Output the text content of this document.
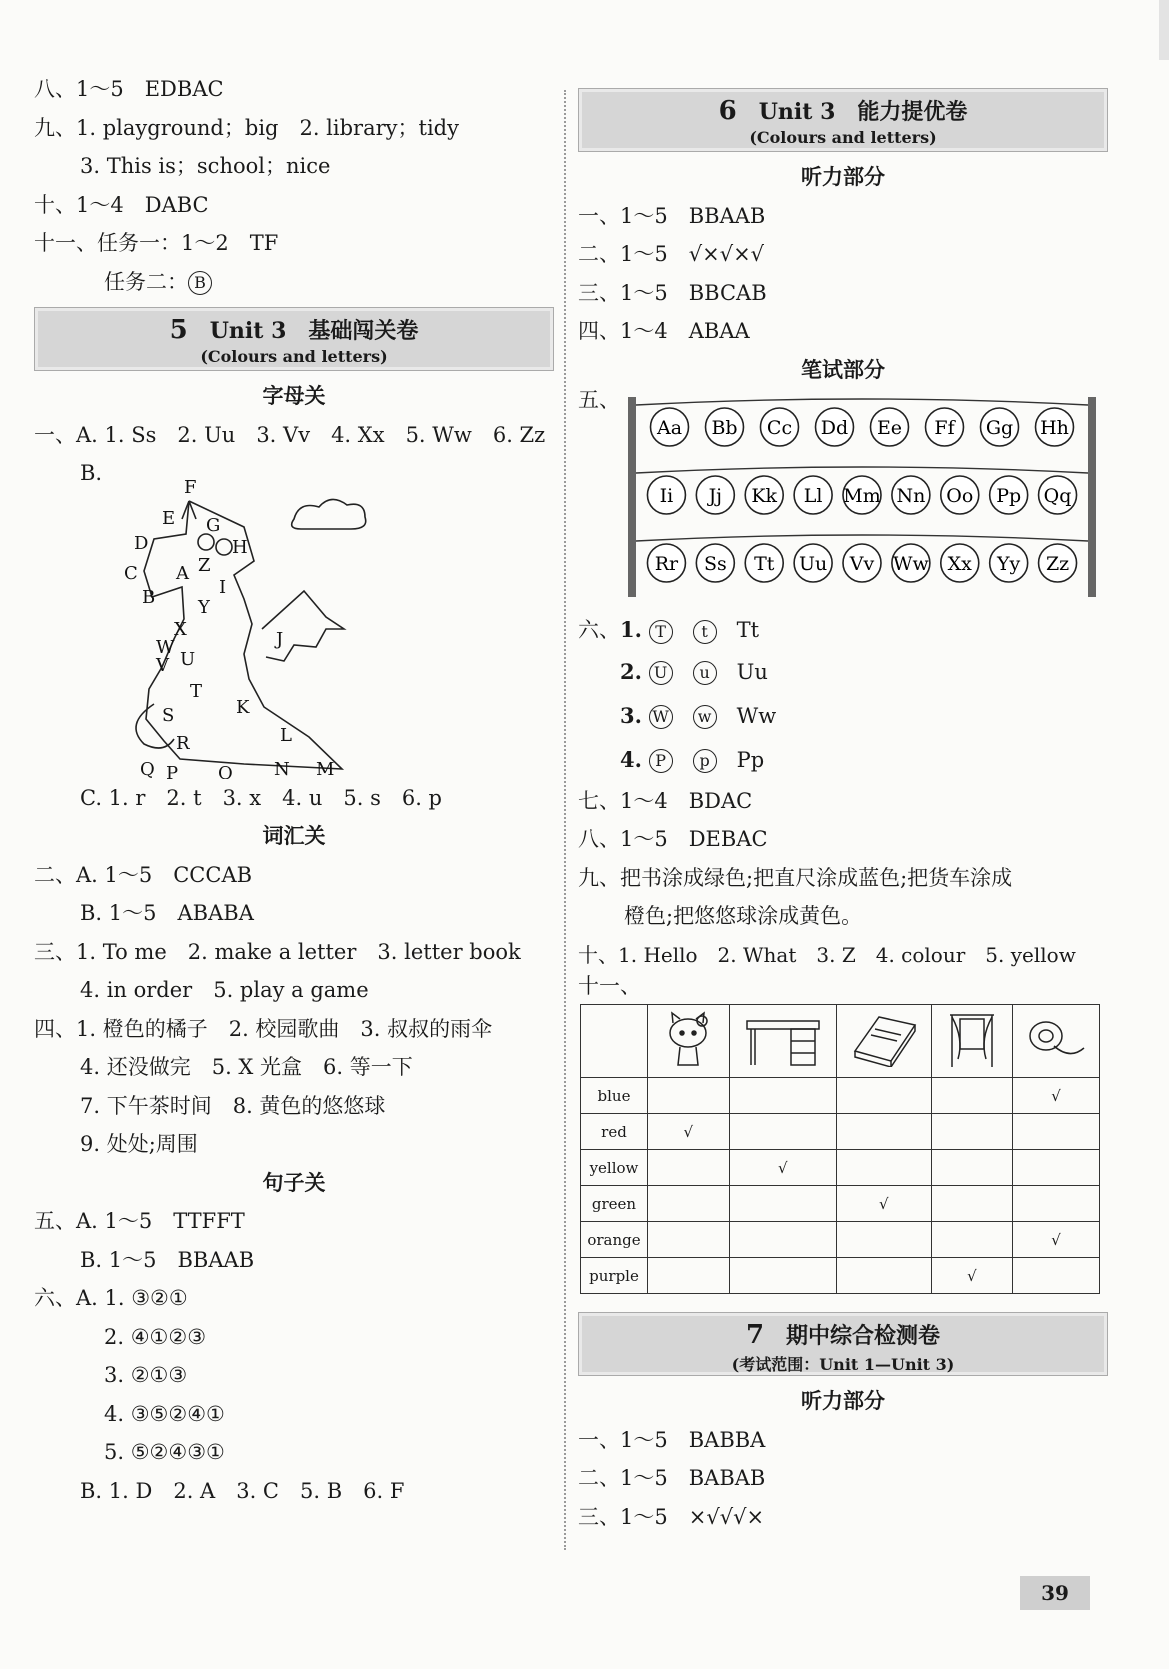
八、1～5　EDBAC
九、1. playground；big　2. library；tidy
3. This is；school；nice
十、1～4　DABC
十一、任务一：1～2　TF
任务二： B
5 Unit 3　基础闯关卷
(Colours and letters)
字母关
一、A. 1. Ss　2. Uu　3. Vv　4. Xx　5. Ww　6. Zz
B.
F
E G
D	H
C A Z
I
B Y
X	J
W
V U
T
K
S
L
R
Q P O N M
C. 1. r　2. t　3. x　4. u　5. s　6. p
词汇关
二、A. 1～5　CCCAB
B. 1～5　ABABA
三、1. To me　2. make a letter　3. letter book
4. in order　5. play a game
四、1. 橙色的橘子　2. 校园歌曲　3. 叔叔的雨伞
4. 还没做完　5. X 光盒　6. 等一下
7. 下午茶时间　8. 黄色的悠悠球
9. 处处;周围
句子关
五、A. 1～5　TTFFT
B. 1～5　BBAAB
六、A. 1. ③②①
2. ④①②③
3. ②①③
4. ③⑤②④①
5. ⑤②④③①
B. 1. D　2. A　3. C　5. B　6. F
6 Unit 3　能力提优卷
(Colours and letters)
听力部分
一、1～5　BBAAB
二、1～5　√×√×√
三、1～5　BBCAB
四、1～4　ABAA
笔试部分
五、
Aa Bb Cc Dd Ee Ff Gg Hh
Ii Jj Kk Ll Mm Nn Oo Pp Qq
Rr Ss Tt Uu Vv Ww Xx Yy Zz
六、1. T t Tt
2. U u Uu
3. W w Ww
4. P p Pp
七、1～4　BDAC
八、1～5　DEBAC
九、把书涂成绿色;把直尺涂成蓝色;把货车涂成
橙色;把悠悠球涂成黄色。
十、1. Hello　2. What　3. Z　4. colour　5. yellow
十一、

blue					√
red	√				
yellow		√			
green			√		
orange					√
purple				√	
7 期中综合检测卷
(考试范围：Unit 1—Unit 3)
听力部分
一、1～5　BABBA
二、1～5　BABAB
三、1～5　×√√√×
39
